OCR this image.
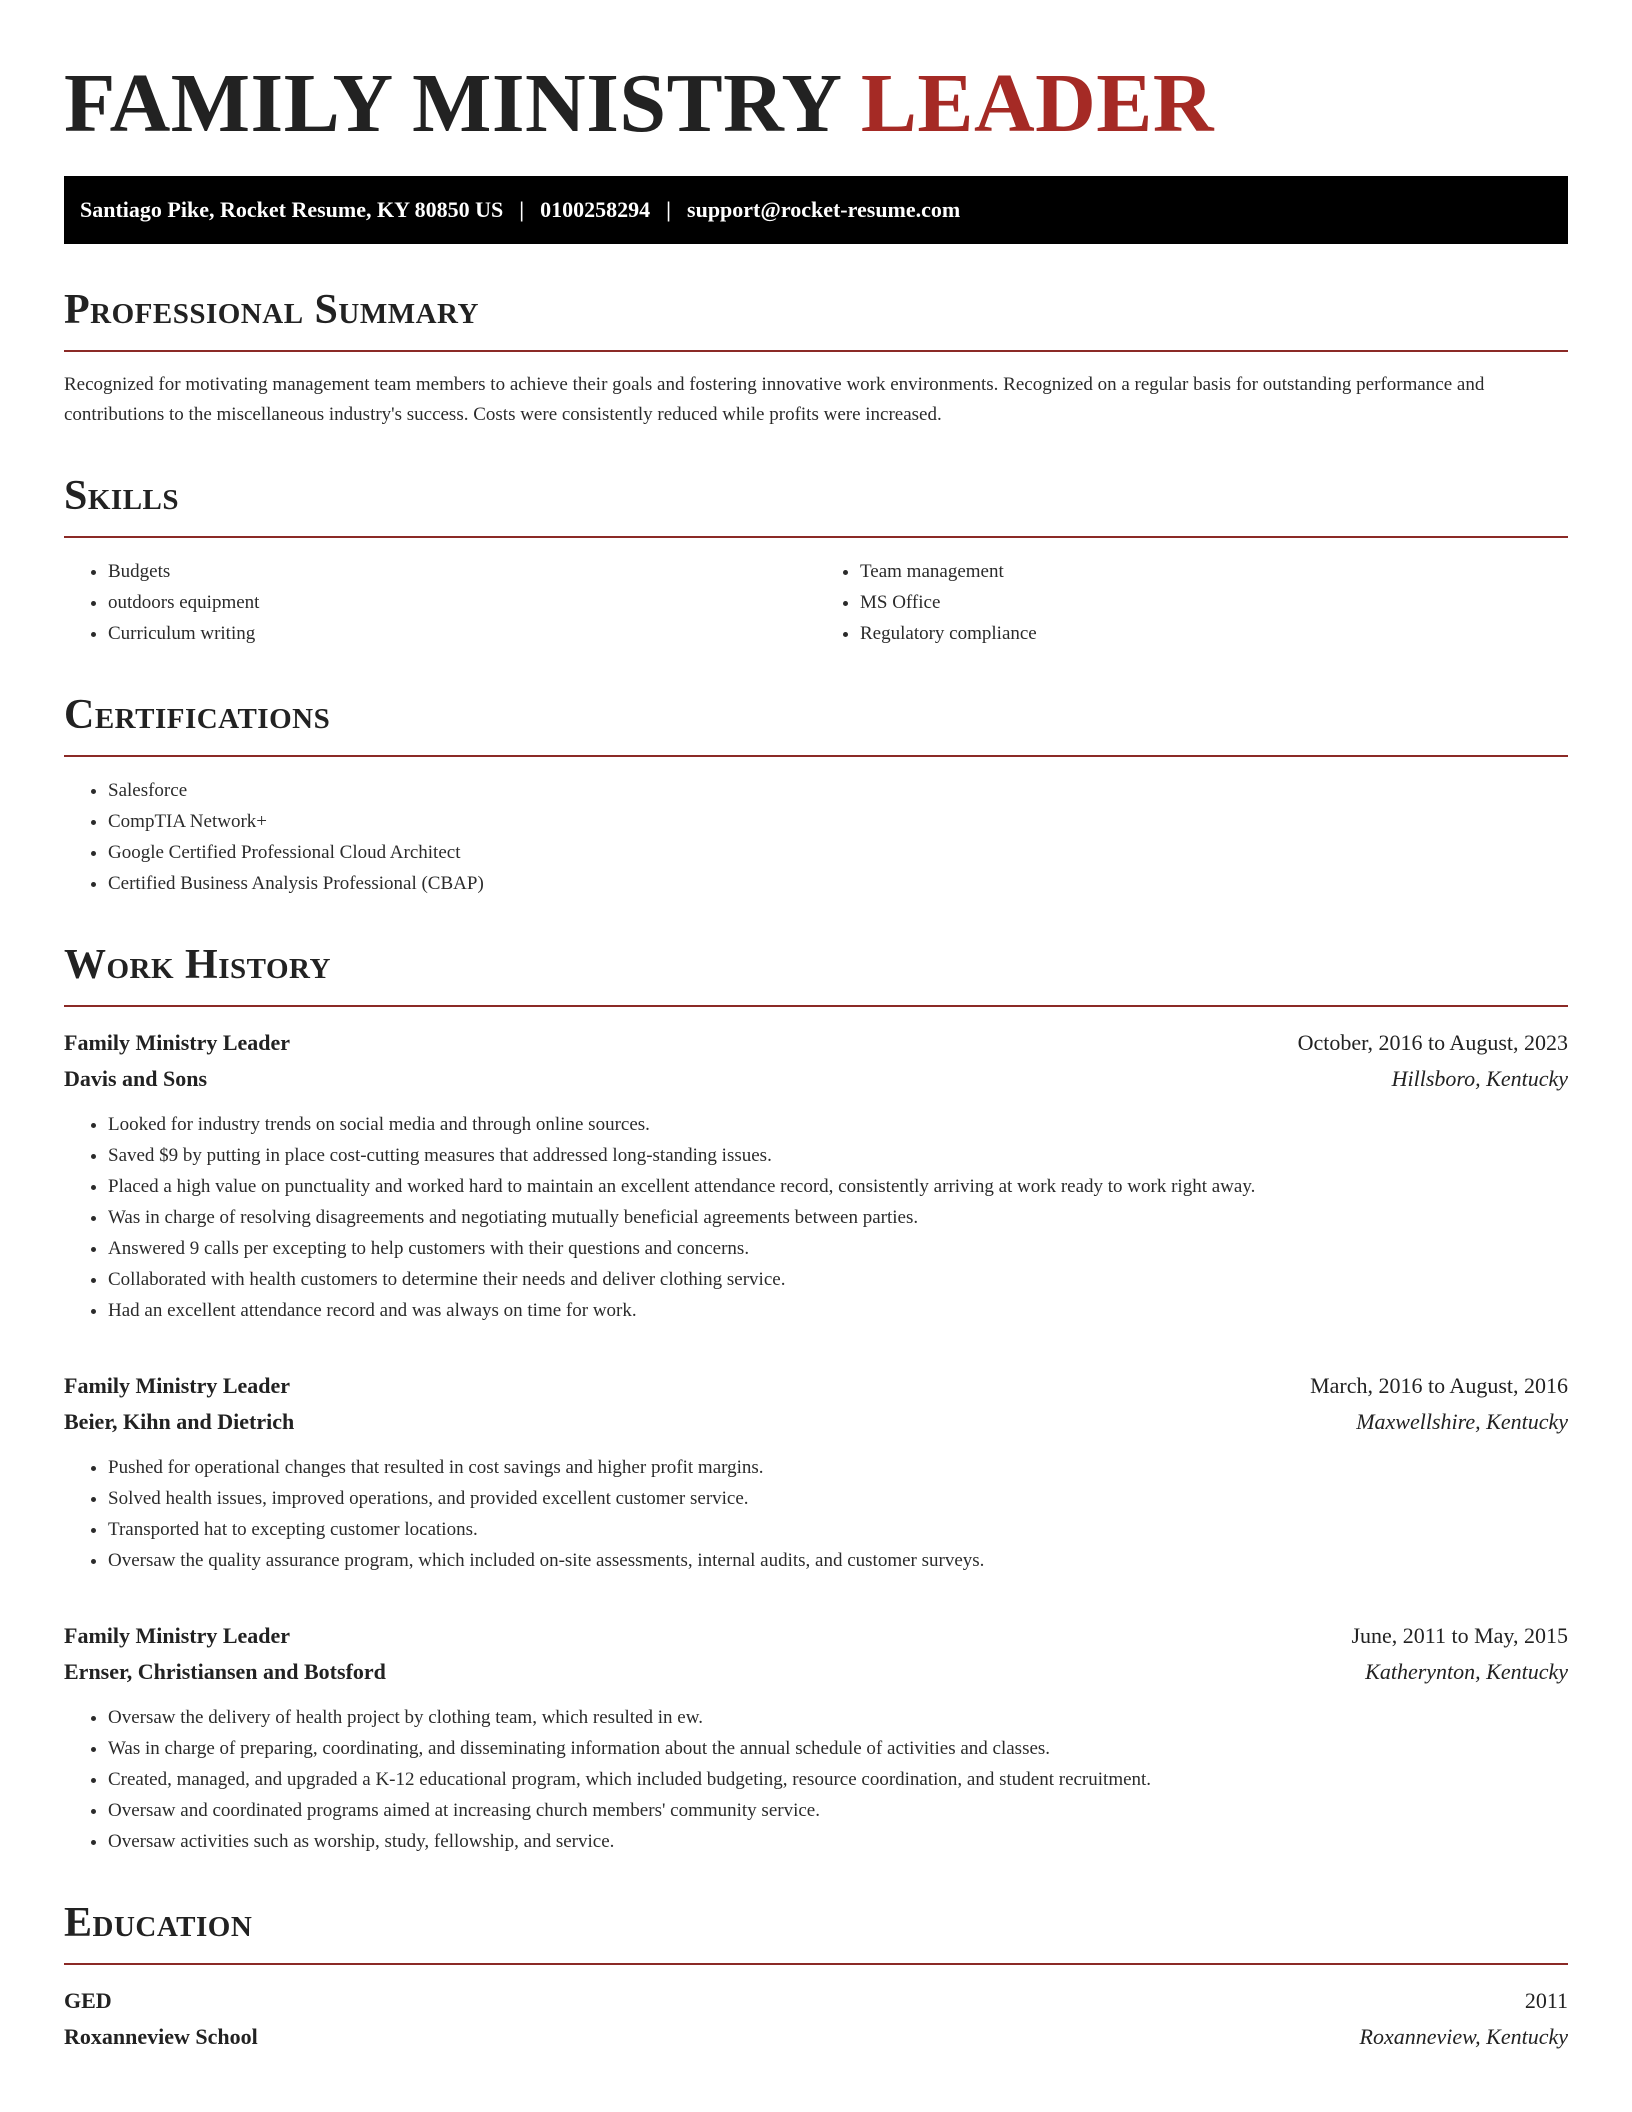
FAMILY MINISTRY LEADER
Santiago Pike, Rocket Resume, KY 80850 US | 0100258294 | support@rocket-resume.com
Professional Summary

Recognized for motivating management team members to achieve their goals and fostering innovative work environments. Recognized on a regular basis for outstanding performance and contributions to the miscellaneous industry's success. Costs were consistently reduced while profits were increased.

Skills
• Budgets
• outdoors equipment
• Curriculum writing
• Team management
• MS Office
• Regulatory compliance
Certifications
• Salesforce
• CompTIA Network+
• Google Certified Professional Cloud Architect
• Certified Business Analysis Professional (CBAP)
Work History
Family Ministry Leader	October, 2016 to August, 2023
Davis and Sons	Hillsboro, Kentucky
• Looked for industry trends on social media and through online sources.
• Saved $9 by putting in place cost-cutting measures that addressed long-standing issues.
• Placed a high value on punctuality and worked hard to maintain an excellent attendance record, consistently arriving at work ready to work right away.
• Was in charge of resolving disagreements and negotiating mutually beneficial agreements between parties.
• Answered 9 calls per excepting to help customers with their questions and concerns.
• Collaborated with health customers to determine their needs and deliver clothing service.
• Had an excellent attendance record and was always on time for work.
Family Ministry Leader	March, 2016 to August, 2016
Beier, Kihn and Dietrich	Maxwellshire, Kentucky
• Pushed for operational changes that resulted in cost savings and higher profit margins.
• Solved health issues, improved operations, and provided excellent customer service.
• Transported hat to excepting customer locations.
• Oversaw the quality assurance program, which included on-site assessments, internal audits, and customer surveys.
Family Ministry Leader	June, 2011 to May, 2015
Ernser, Christiansen and Botsford	Katherynton, Kentucky
• Oversaw the delivery of health project by clothing team, which resulted in ew.
• Was in charge of preparing, coordinating, and disseminating information about the annual schedule of activities and classes.
• Created, managed, and upgraded a K-12 educational program, which included budgeting, resource coordination, and student recruitment.
• Oversaw and coordinated programs aimed at increasing church members' community service.
• Oversaw activities such as worship, study, fellowship, and service.
Education
GED	2011
Roxanneview School	Roxanneview, Kentucky
